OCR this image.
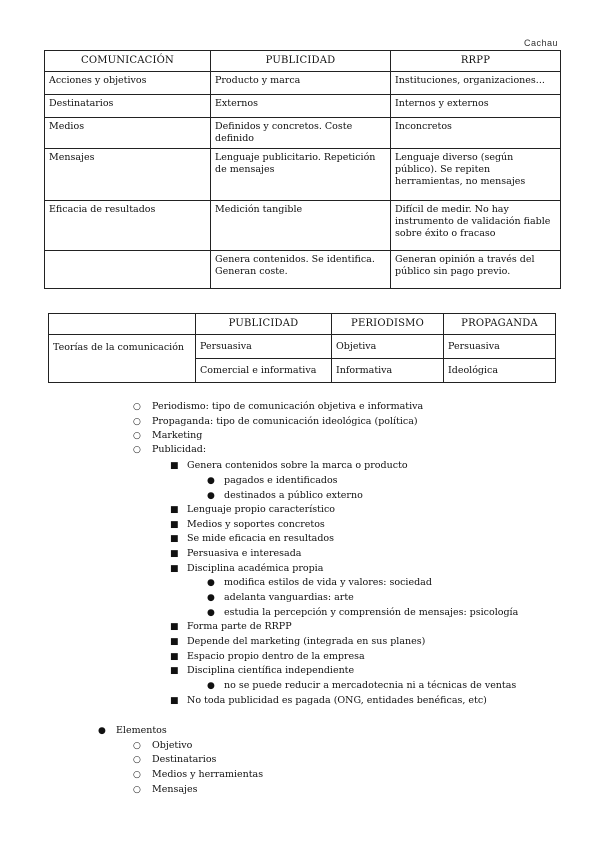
Cachau
COMUNICACIÓN	PUBLICIDAD	RRPP
Acciones y objetivos	Producto y marca	Instituciones, organizaciones...
Destinatarios	Externos	Internos y externos
Medios	Definidos y concretos. Coste definido	Inconcretos
Mensajes	Lenguaje publicitario. Repetición de mensajes	Lenguaje diverso (según público). Se repiten herramientas, no mensajes
Eficacia de resultados	Medición tangible	Difícil de medir. No hay instrumento de validación fiable sobre éxito o fracaso
	Genera contenidos. Se identifica. Generan coste.	Generan opinión a través del público sin pago previo.
	PUBLICIDAD	PERIODISMO	PROPAGANDA
Teorías de la comunicación	Persuasiva	Objetiva	Persuasiva
	Comercial e informativa	Informativa	Ideológica
○ Periodismo: tipo de comunicación objetiva e informativa
○ Propaganda: tipo de comunicación ideológica (política)
○ Marketing
○ Publicidad:
■ Genera contenidos sobre la marca o producto
● pagados e identificados
● destinados a público externo
■ Lenguaje propio característico
■ Medios y soportes concretos
■ Se mide eficacia en resultados
■ Persuasiva e interesada
■ Disciplina académica propia
● modifica estilos de vida y valores: sociedad
● adelanta vanguardias: arte
● estudia la percepción y comprensión de mensajes: psicología
■ Forma parte de RRPP
■ Depende del marketing (integrada en sus planes)
■ Espacio propio dentro de la empresa
■ Disciplina científica independiente
● no se puede reducir a mercadotecnia ni a técnicas de ventas
■ No toda publicidad es pagada (ONG, entidades benéficas, etc)
● Elementos
○ Objetivo
○ Destinatarios
○ Medios y herramientas
○ Mensajes
